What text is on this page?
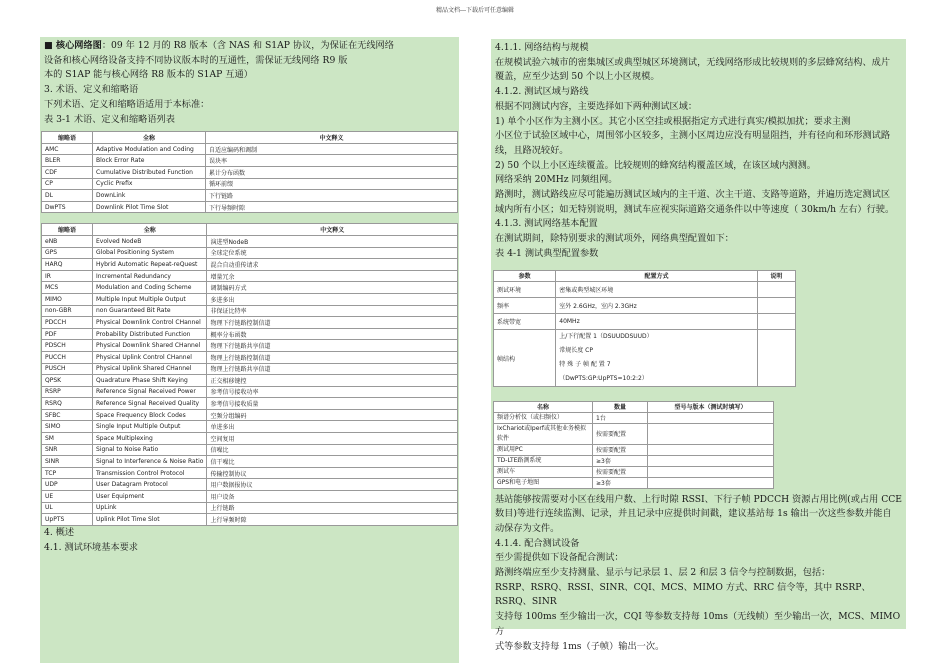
精品文档---下载后可任意编辑

■ 核心网络图：09 年 12 月的 R8 版本（含 NAS 和 S1AP 协议，为保证在无线网络

设备和核心网络设备支持不同协议版本时的互通性，需保证无线网络 R9 版

本的 S1AP 能与核心网络 R8 版本的 S1AP 互通）

3. 术语、定义和缩略语

下列术语、定义和缩略语适用于本标准：

表 3-1 术语、定义和缩略语列表

缩略语	全称	中文释义
AMC	Adaptive Modulation and Coding	自适应编码和调制
BLER	Block Error Rate	误块率
CDF	Cumulative Distributed Function	累计分布函数
CP	Cyclic Prefix	循环前缀
DL	DownLink	下行链路
DwPTS	Downlink Pilot Time Slot	下行导频时隙
缩略语	全称	中文释义
eNB	Evolved NodeB	演进型NodeB
GPS	Global Positioning System	全球定位系统
HARQ	Hybrid Automatic Repeat-reQuest	混合自动重传请求
IR	Incremental Redundancy	增量冗余
MCS	Modulation and Coding Scheme	调制编码方式
MIMO	Multiple Input Multiple Output	多进多出
non-GBR	non Guaranteed Bit Rate	非保证比特率
PDCCH	Physical Downlink Control CHannel	物理下行链路控制信道
PDF	Probability Distributed Function	概率分布函数
PDSCH	Physical Downlink Shared CHannel	物理下行链路共享信道
PUCCH	Physical Uplink Control CHannel	物理上行链路控制信道
PUSCH	Physical Uplink Shared CHannel	物理上行链路共享信道
QPSK	Quadrature Phase Shift Keying	正交相移键控
RSRP	Reference Signal Received Power	参考信号接收功率
RSRQ	Reference Signal Received Quality	参考信号接收质量
SFBC	Space Frequency Block Codes	空频分组编码
SIMO	Single Input Multiple Output	单进多出
SM	Space Multiplexing	空间复用
SNR	Signal to Noise Ratio	信噪比
SINR	Signal to Interference & Noise Ratio	信干噪比
TCP	Transmission Control Protocol	传输控制协议
UDP	User Datagram Protocol	用户数据报协议
UE	User Equipment	用户设备
UL	UpLink	上行链路
UpPTS	Uplink Pilot Time Slot	上行导频时隙

4. 概述

4.1. 测试环境基本要求

4.1.1. 网络结构与规模

在规模试验六城市的密集城区或典型城区环境测试，无线网络形成比较规则的多层蜂窝结构、成片

覆盖，应至少达到 50 个以上小区规模。

4.1.2. 测试区域与路线

根据不同测试内容，主要选择如下两种测试区域：

1) 单个小区作为主测小区。其它小区空挂或根据指定方式进行真实/模拟加扰；要求主测

小区位于试验区域中心，周围邻小区较多，主测小区周边应没有明显阻挡，并有径向和环形测试路

线，且路况较好。

2) 50 个以上小区连续覆盖。比较规则的蜂窝结构覆盖区域，在该区域内测测。

网络采纳 20MHz 同频组网。

路测时，测试路线应尽可能遍历测试区域内的主干道、次主干道、支路等道路，并遍历选定测试区

域内所有小区；如无特别说明，测试车应视实际道路交通条件以中等速度（ 30km/h 左右）行驶。

4.1.3. 测试网络基本配置

在测试期间，除特别要求的测试项外，网络典型配置如下：

表 4-1 测试典型配置参数

参数	配置方式	说明
测试环境	密集或典型城区环境	
频率	室外 2.6GHz，室内 2.3GHz	
系统带宽	40MHz	
帧结构	上/下行配置 1（DSUUDDSUUD）
常规长度 CP
特 殊 子 帧 配 置 7
（DwPTS:GP:UpPTS=10:2:2）	

名称	数量	型号与版本（测试时填写）
频谱分析仪（或扫频仪）	1台	
IxChariot或Iperf或其他业务模拟软件	按需要配置	
测试用PC	按需要配置	
TD-LTE路测系统	≥3套	
测试车	按需要配置	
GPS和电子地图	≥3套	

基站能够按需要对小区在线用户数、上行时隙 RSSI、下行子帧 PDCCH 资源占用比例(或占用 CCE

数目)等进行连续监测、记录，并且记录中应提供时间戳，建议基站每 1s 输出一次这些参数并能自

动保存为文件。

4.1.4. 配合测试设备

至少需提供如下设备配合测试：

路测终端应至少支持测量、显示与记录层 1、层 2 和层 3 信令与控制数据，包括：

RSRP、RSRQ、RSSI、SINR、CQI、MCS、MIMO 方式、RRC 信令等，其中 RSRP、RSRQ、SINR

支持每 100ms 至少输出一次，CQI 等参数支持每 10ms（无线帧）至少输出一次，MCS、MIMO 方

式等参数支持每 1ms（子帧）输出一次。
